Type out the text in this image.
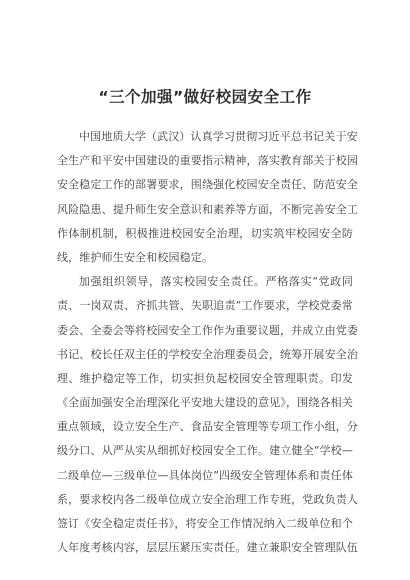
“三个加强”做好校园安全工作
中国地质大学（武汉）认真学习贯彻习近平总书记关于安
全生产和平安中国建设的重要指示精神，落实教育部关于校园
安全稳定工作的部署要求，围绕强化校园安全责任、防范安全
风险隐患、提升师生安全意识和素养等方面，不断完善安全工
作体制机制，积极推进校园安全治理，切实筑牢校园安全防
线，维护师生安全和校园稳定。
加强组织领导，落实校园安全责任。严格落实“党政同
责、一岗双责、齐抓共管、失职追责”工作要求，学校党委常
委会、全委会等将校园安全工作作为重要议题，并成立由党委
书记、校长任双主任的学校安全治理委员会，统筹开展安全治
理、维护稳定等工作，切实担负起校园安全管理职责。印发
《全面加强安全治理深化平安地大建设的意见》，围绕各相关
重点领域，设立安全生产、食品安全管理等专项工作小组，分
级分口、从严从实从细抓好校园安全工作。建立健全“学校—
二级单位—三级单位—具体岗位”四级安全管理体系和责任体
系，要求校内各二级单位成立安全治理工作专班，党政负责人
签订《安全稳定责任书》，将安全工作情况纳入二级单位和个
人年度考核内容，层层压紧压实责任。建立兼职安全管理队伍
